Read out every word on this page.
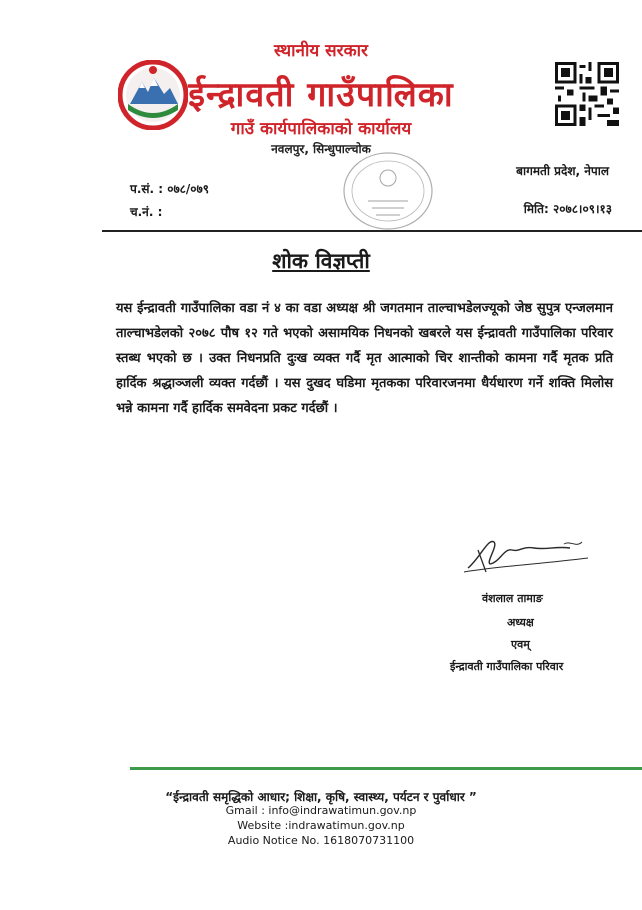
स्थानीय सरकार
ईन्द्रावती गाउँपालिका
गाउँ कार्यपालिकाको कार्यालय
नवलपुर, सिन्धुपाल्चोक
बागमती प्रदेश, नेपाल
प.सं. : ०७८/०७९
च.नं. :	मिति: २०७८।०९।१३
शोक विज्ञप्ती
यस ईन्द्रावती गाउँपालिका वडा नं ४ का वडा अध्यक्ष श्री जगतमान ताल्चाभडेलज्यूको जेष्ठ सुपुत्र एन्जलमान ताल्चाभडेलको २०७८ पौष १२ गते भएको असामयिक निधनको खबरले यस ईन्द्रावती गाउँपालिका परिवार स्तब्ध भएको छ । उक्त निधनप्रति दुःख व्यक्त गर्दै मृत आत्माको चिर शान्तीको कामना गर्दै मृतक प्रति हार्दिक श्रद्धाञ्जली व्यक्त गर्दछौं । यस दुखद घडिमा मृतकका परिवारजनमा धैर्यधारण गर्ने शक्ति मिलोस भन्ने कामना गर्दै हार्दिक समवेदना प्रकट गर्दछौं ।
वंशलाल तामाङ
अध्यक्ष
एवम्
ईन्द्रावती गाउँपालिका परिवार
“ईन्द्रावती समृद्धिको आधार; शिक्षा, कृषि, स्वास्थ्य, पर्यटन र पुर्वाधार ”
Gmail : info@indrawatimun.gov.np
Website :indrawatimun.gov.np
Audio Notice No. 1618070731100
